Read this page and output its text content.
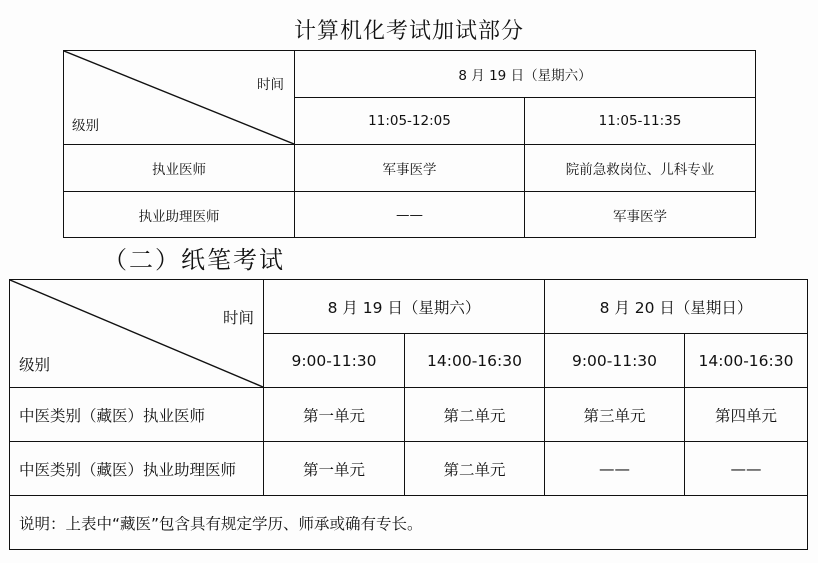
计算机化考试加试部分
时间
级别	8 月 19 日（星期六）	
	11:05-12:05	11:05-11:35
执业医师	军事医学	院前急救岗位、儿科专业
执业助理医师	——	军事医学
（二）纸笔考试
时间
级别	8 月 19 日（星期六）		8 月 20 日（星期日）	
	9:00-11:30	14:00-16:30	9:00-11:30	14:00-16:30
中医类别（藏医）执业医师	第一单元	第二单元	第三单元	第四单元
中医类别（藏医）执业助理医师	第一单元	第二单元	——	——
说明：上表中“藏医”包含具有规定学历、师承或确有专长。				
